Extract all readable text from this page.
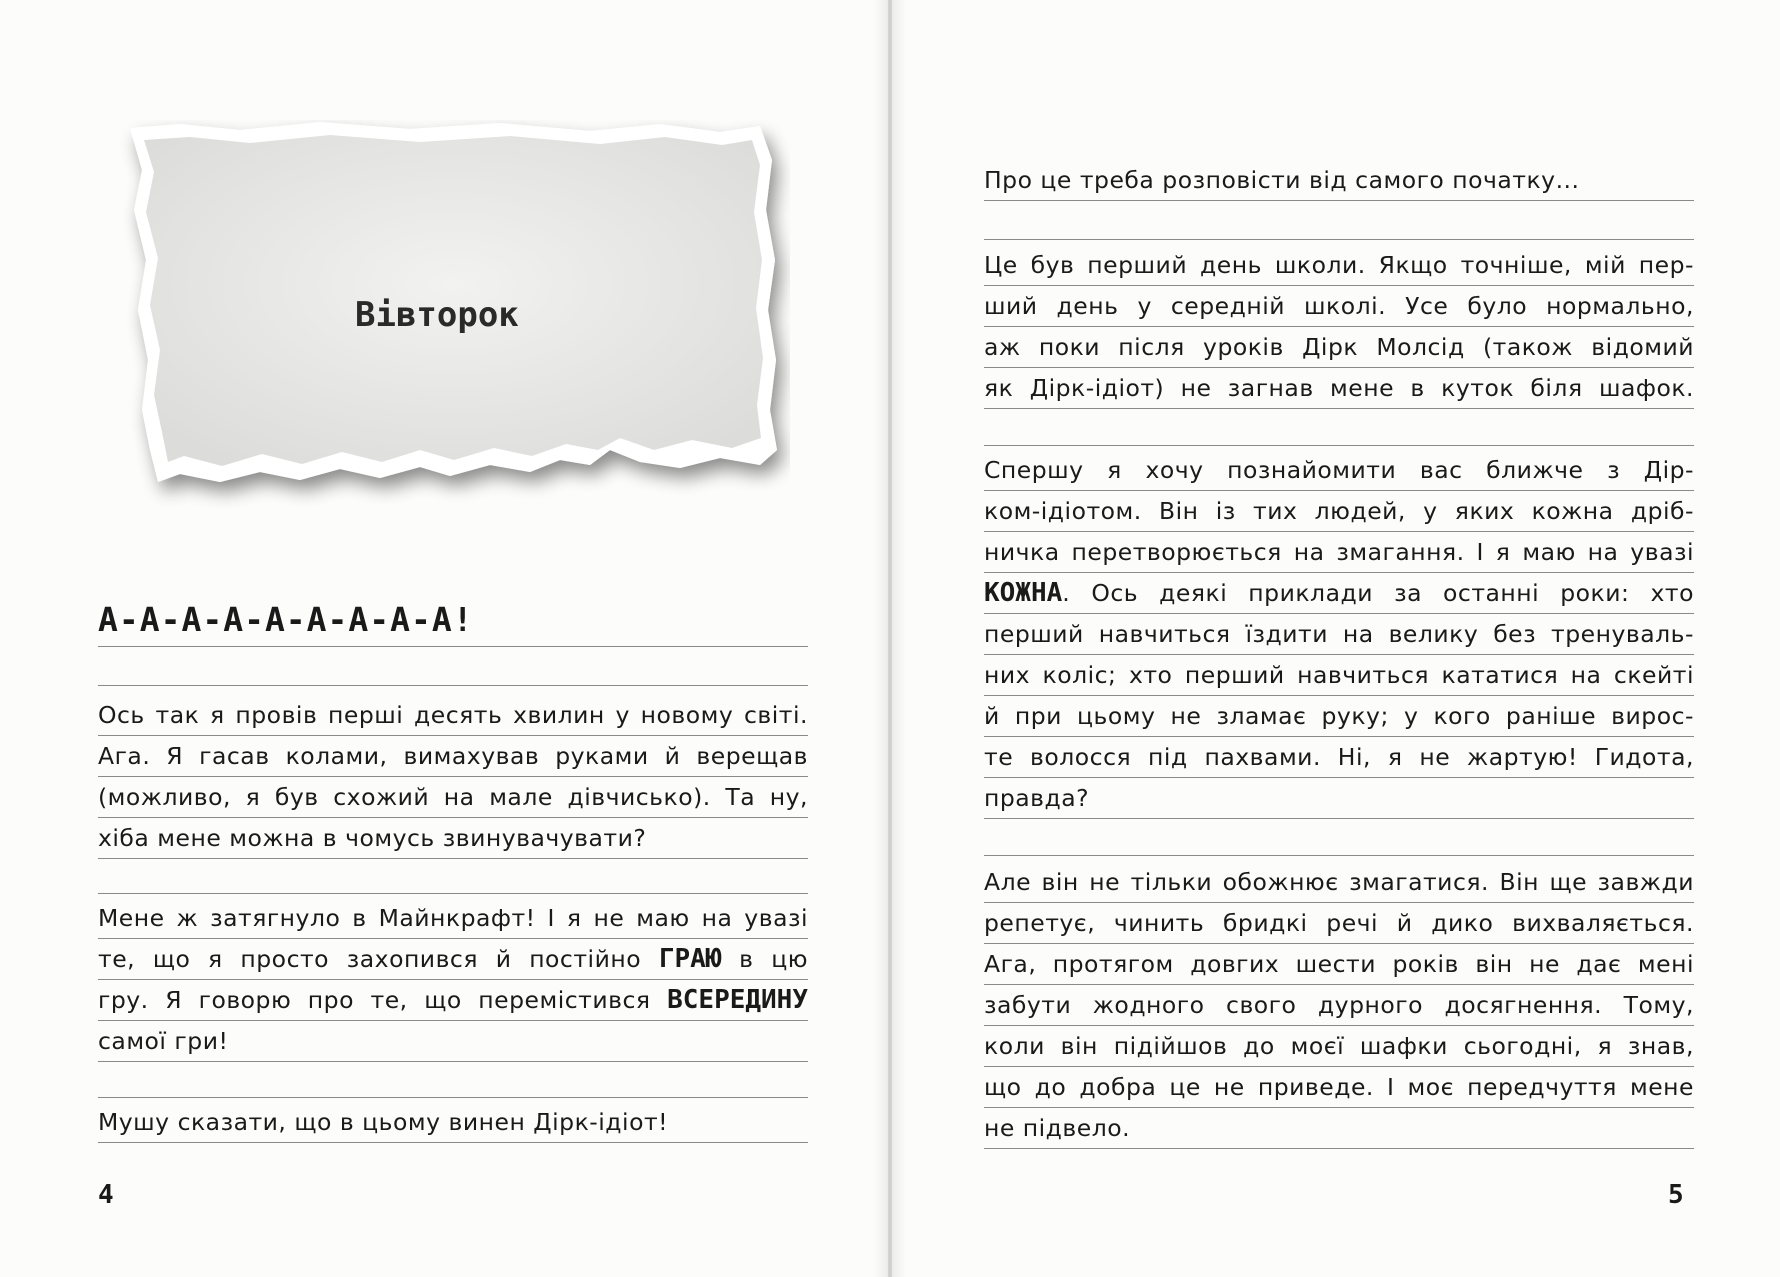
Вівторок
А-А-А-А-А-А-А-А-А!
Ось так я провів перші десять хвилин у новому світі.
Ага. Я гасав колами, вимахував руками й верещав
(можливо, я був схожий на мале дівчисько). Та ну,
хіба мене можна в чомусь звинувачувати?
Мене ж затягнуло в Майнкрафт! І я не маю на увазі
те, що я просто захопився й постійно ГРАЮ в цю
гру. Я говорю про те, що перемістився ВСЕРЕДИНУ
самої гри!
Мушу сказати, що в цьому винен Дірк-ідіот!
4
Про це треба розповісти від самого початку...
Це був перший день школи. Якщо точніше, мій пер-
ший день у середній школі. Усе було нормально,
аж поки після уроків Дірк Молсід (також відомий
як Дірк-ідіот) не загнав мене в куток біля шафок.
Спершу я хочу познайомити вас ближче з Дір-
ком-ідіотом. Він із тих людей, у яких кожна дріб-
ничка перетворюється на змагання. І я маю на увазі
КОЖНА. Ось деякі приклади за останні роки: хто
перший навчиться їздити на велику без тренуваль-
них коліс; хто перший навчиться кататися на скейті
й при цьому не зламає руку; у кого раніше вирос-
те волосся під пахвами. Ні, я не жартую! Гидота,
правда?
Але він не тільки обожнює змагатися. Він ще завжди
репетує, чинить бридкі речі й дико вихваляється.
Ага, протягом довгих шести років він не дає мені
забути жодного свого дурного досягнення. Тому,
коли він підійшов до моєї шафки сьогодні, я знав,
що до добра це не приведе. І моє передчуття мене
не підвело.
5
